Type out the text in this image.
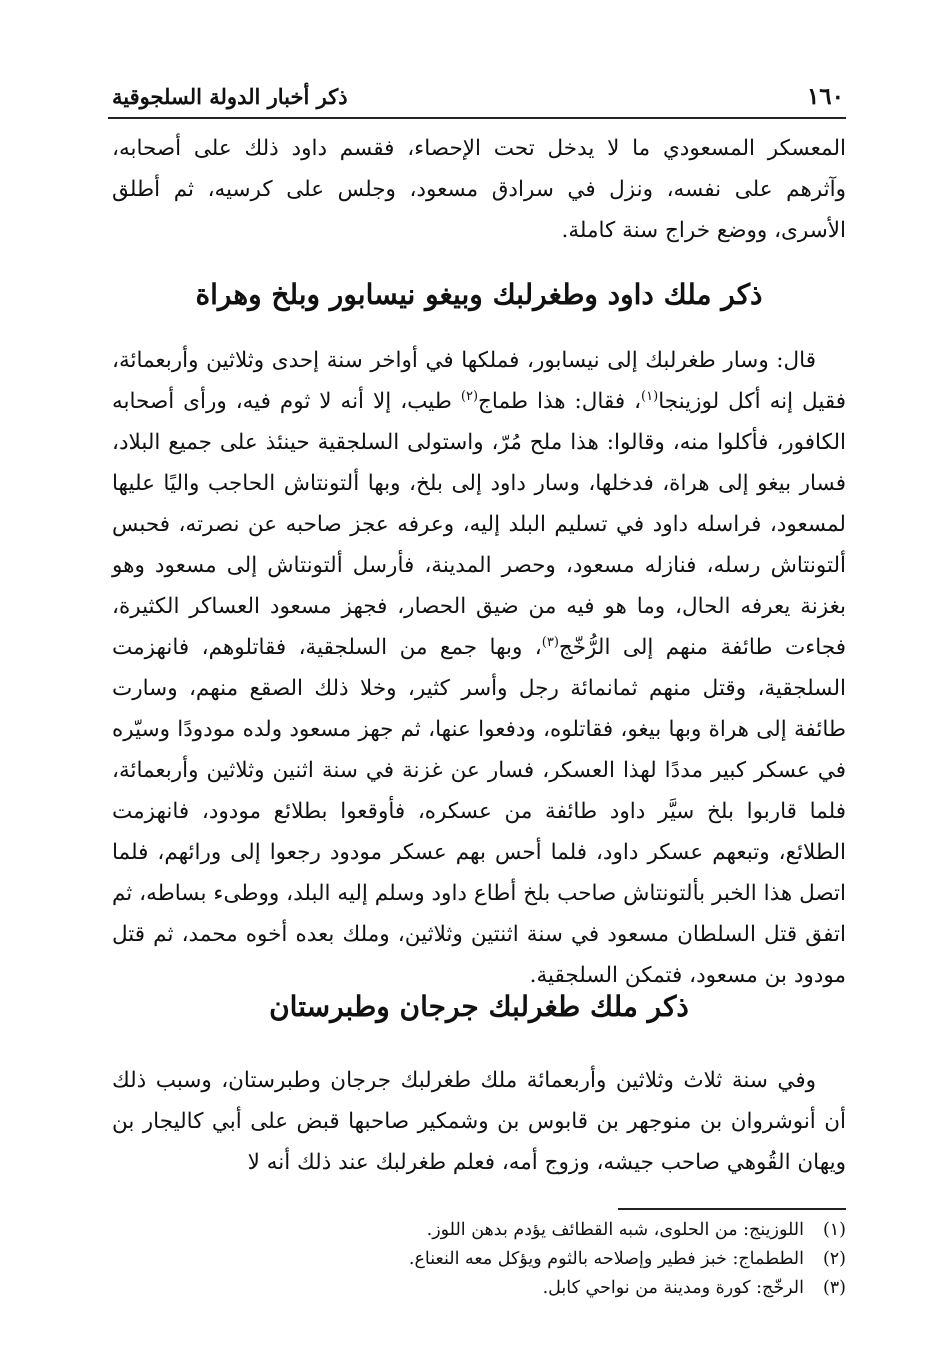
١٦٠
ذكر أخبار الدولة السلجوقية

المعسكر المسعودي ما لا يدخل تحت الإحصاء، فقسم داود ذلك على أصحابه، وآثرهم على نفسه، ونزل في سرادق مسعود، وجلس على كرسيه، ثم أطلق الأسرى، ووضع خراج سنة كاملة.

ذكر ملك داود وطغرلبك وبيغو نيسابور وبلخ وهراة

قال: وسار طغرلبك إلى نيسابور، فملكها في أواخر سنة إحدى وثلاثين وأربعمائة، فقيل إنه أكل لوزينجا$^{(١)}$، فقال: هذا طماج$^{(٢)}$ طيب، إلا أنه لا ثوم فيه، ورأى أصحابه الكافور، فأكلوا منه، وقالوا: هذا ملح مُرّ، واستولى السلجقية حينئذ على جميع البلاد، فسار بيغو إلى هراة، فدخلها، وسار داود إلى بلخ، وبها ألتونتاش الحاجب واليًا عليها لمسعود، فراسله داود في تسليم البلد إليه، وعرفه عجز صاحبه عن نصرته، فحبس ألتونتاش رسله، فنازله مسعود، وحصر المدينة، فأرسل ألتونتاش إلى مسعود وهو بغزنة يعرفه الحال، وما هو فيه من ضيق الحصار، فجهز مسعود العساكر الكثيرة، فجاءت طائفة منهم إلى الرُّخّج$^{(٣)}$، وبها جمع من السلجقية، فقاتلوهم، فانهزمت السلجقية، وقتل منهم ثمانمائة رجل وأسر كثير، وخلا ذلك الصقع منهم، وسارت طائفة إلى هراة وبها بيغو، فقاتلوه، ودفعوا عنها، ثم جهز مسعود ولده مودودًا وسيّره في عسكر كبير مددًا لهذا العسكر، فسار عن غزنة في سنة اثنين وثلاثين وأربعمائة، فلما قاربوا بلخ سيَّر داود طائفة من عسكره، فأوقعوا بطلائع مودود، فانهزمت الطلائع، وتبعهم عسكر داود، فلما أحس بهم عسكر مودود رجعوا إلى ورائهم، فلما اتصل هذا الخبر بألتونتاش صاحب بلخ أطاع داود وسلم إليه البلد، ووطىء بساطه، ثم اتفق قتل السلطان مسعود في سنة اثنتين وثلاثين، وملك بعده أخوه محمد، ثم قتل مودود بن مسعود، فتمكن السلجقية.

ذكر ملك طغرلبك جرجان وطبرستان

وفي سنة ثلاث وثلاثين وأربعمائة ملك طغرلبك جرجان وطبرستان، وسبب ذلك أن أنوشروان بن منوجهر بن قابوس بن وشمكير صاحبها قبض على أبي كاليجار بن ويهان القُوهي صاحب جيشه، وزوج أمه، فعلم طغرلبك عند ذلك أنه لا

(١)
اللوزينج: من الحلوى، شبه القطائف يؤدم بدهن اللوز.
(٢)
الططماج: خبز فطير وإصلاحه بالثوم ويؤكل معه النعناع.
(٣)
الرخّج: كورة ومدينة من نواحي كابل.
